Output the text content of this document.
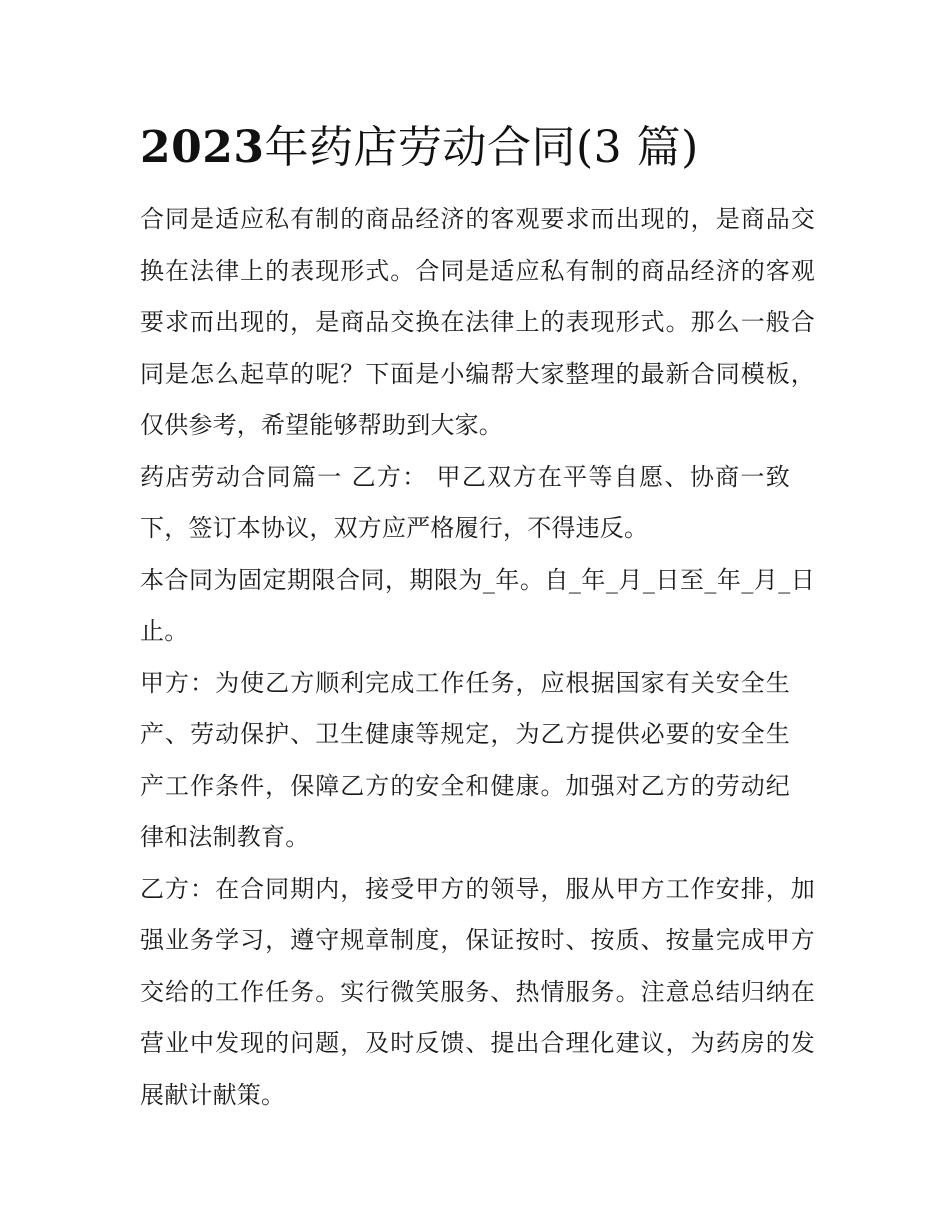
2023年药店劳动合同(3 篇)

合同是适应私有制的商品经济的客观要求而出现的，是商品交换在法律上的表现形式。合同是适应私有制的商品经济的客观要求而出现的，是商品交换在法律上的表现形式。那么一般合同是怎么起草的呢？下面是小编帮大家整理的最新合同模板，仅供参考，希望能够帮助到大家。

药店劳动合同篇一 乙方： 甲乙双方在平等自愿、协商一致下，签订本协议，双方应严格履行，不得违反。

本合同为固定期限合同，期限为_年。自_年_月_日至_年_月_日止。

甲方：为使乙方顺利完成工作任务，应根据国家有关安全生产、劳动保护、卫生健康等规定，为乙方提供必要的安全生产工作条件，保障乙方的安全和健康。加强对乙方的劳动纪律和法制教育。

乙方：在合同期内，接受甲方的领导，服从甲方工作安排，加强业务学习，遵守规章制度，保证按时、按质、按量完成甲方交给的工作任务。实行微笑服务、热情服务。注意总结归纳在营业中发现的问题，及时反馈、提出合理化建议，为药房的发展献计献策。
